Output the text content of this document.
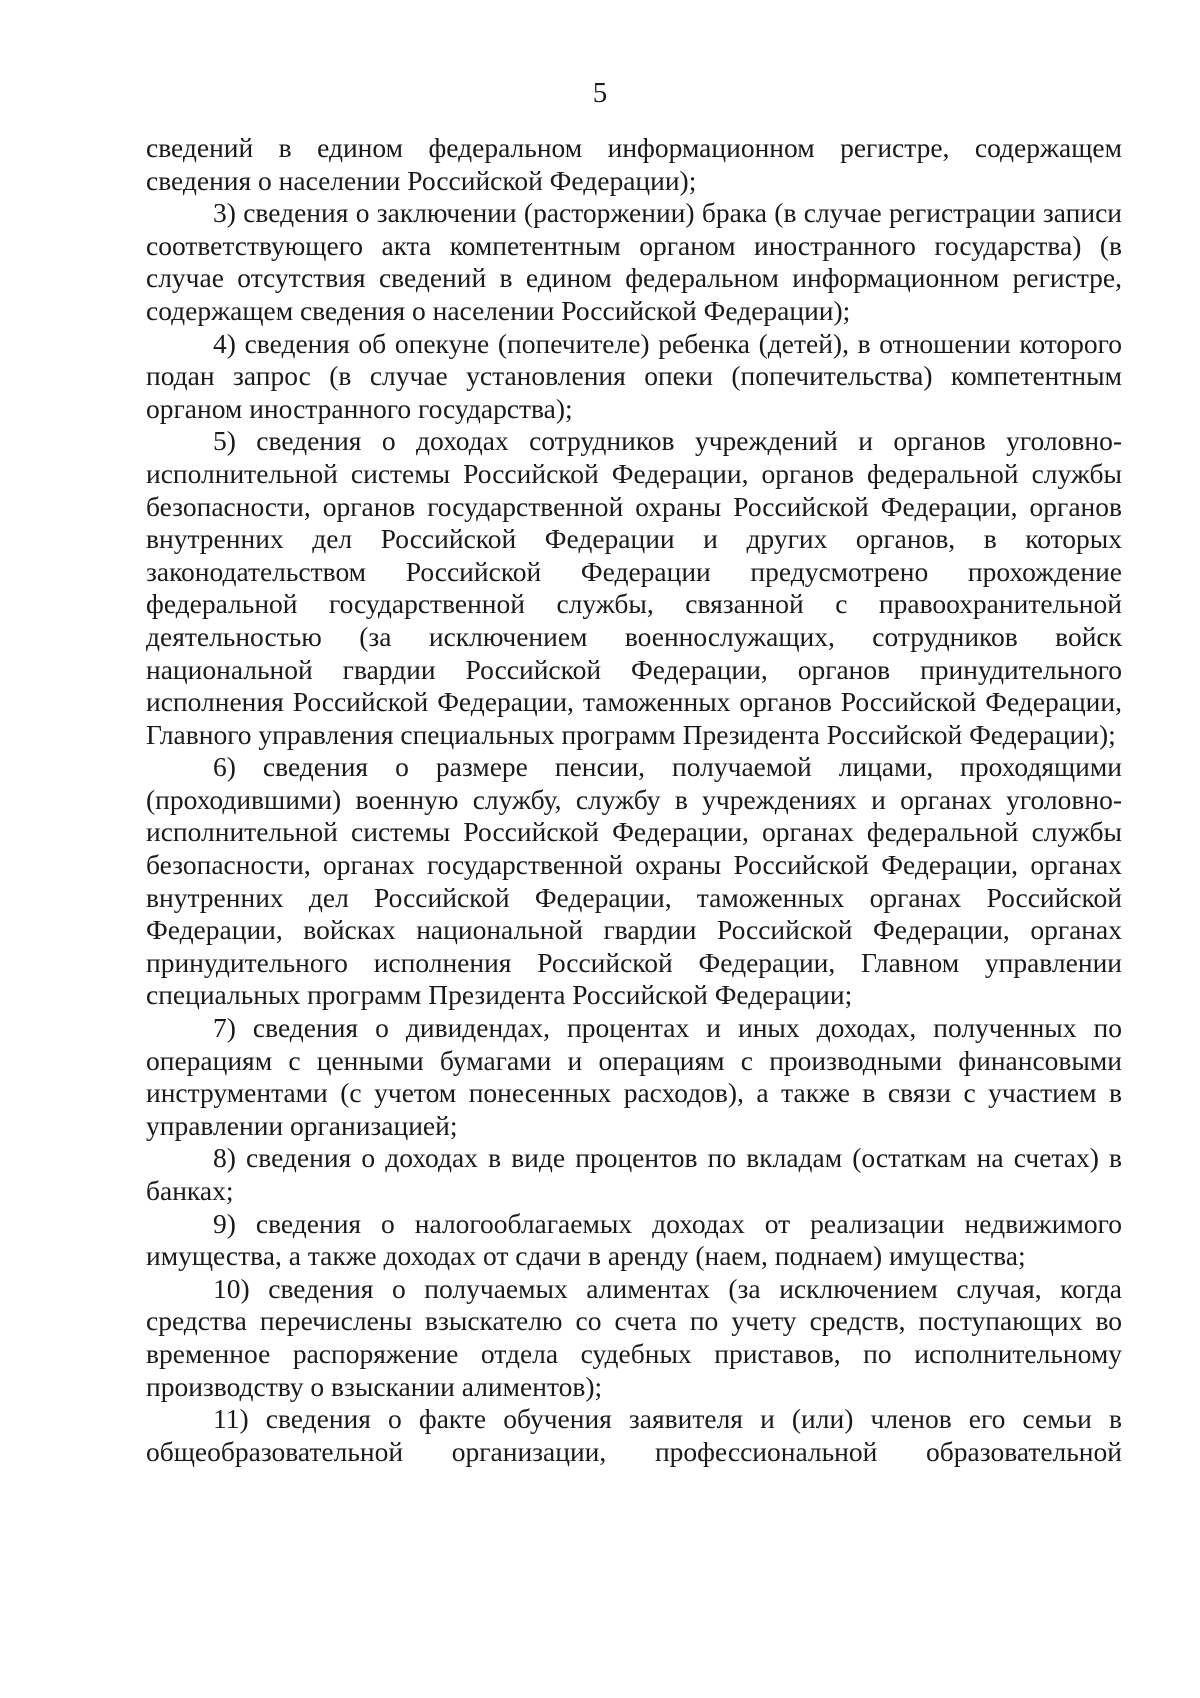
5

сведений в едином федеральном информационном регистре, содержащем сведения о населении Российской Федерации);

3) сведения о заключении (расторжении) брака (в случае регистрации записи соответствующего акта компетентным органом иностранного государства) (в случае отсутствия сведений в едином федеральном информационном регистре, содержащем сведения о населении Российской Федерации);

4) сведения об опекуне (попечителе) ребенка (детей), в отношении которого подан запрос (в случае установления опеки (попечительства) компетентным органом иностранного государства);

5) сведения о доходах сотрудников учреждений и органов уголовно-исполнительной системы Российской Федерации, органов федеральной службы безопасности, органов государственной охраны Российской Федерации, органов внутренних дел Российской Федерации и других органов, в которых законодательством Российской Федерации предусмотрено прохождение федеральной государственной службы, связанной с правоохранительной деятельностью (за исключением военнослужащих, сотрудников войск национальной гвардии Российской Федерации, органов принудительного исполнения Российской Федерации, таможенных органов Российской Федерации, Главного управления специальных программ Президента Российской Федерации);

6) сведения о размере пенсии, получаемой лицами, проходящими (проходившими) военную службу, службу в учреждениях и органах уголовно-исполнительной системы Российской Федерации, органах федеральной службы безопасности, органах государственной охраны Российской Федерации, органах внутренних дел Российской Федерации, таможенных органах Российской Федерации, войсках национальной гвардии Российской Федерации, органах принудительного исполнения Российской Федерации, Главном управлении специальных программ Президента Российской Федерации;

7) сведения о дивидендах, процентах и иных доходах, полученных по операциям с ценными бумагами и операциям с производными финансовыми инструментами (с учетом понесенных расходов), а также в связи с участием в управлении организацией;

8) сведения о доходах в виде процентов по вкладам (остаткам на счетах) в банках;

9) сведения о налогооблагаемых доходах от реализации недвижимого имущества, а также доходах от сдачи в аренду (наем, поднаем) имущества;

10) сведения о получаемых алиментах (за исключением случая, когда средства перечислены взыскателю со счета по учету средств, поступающих во временное распоряжение отдела судебных приставов, по исполнительному производству о взыскании алиментов);

11) сведения о факте обучения заявителя и (или) членов его семьи в общеобразовательной организации, профессиональной образовательной
